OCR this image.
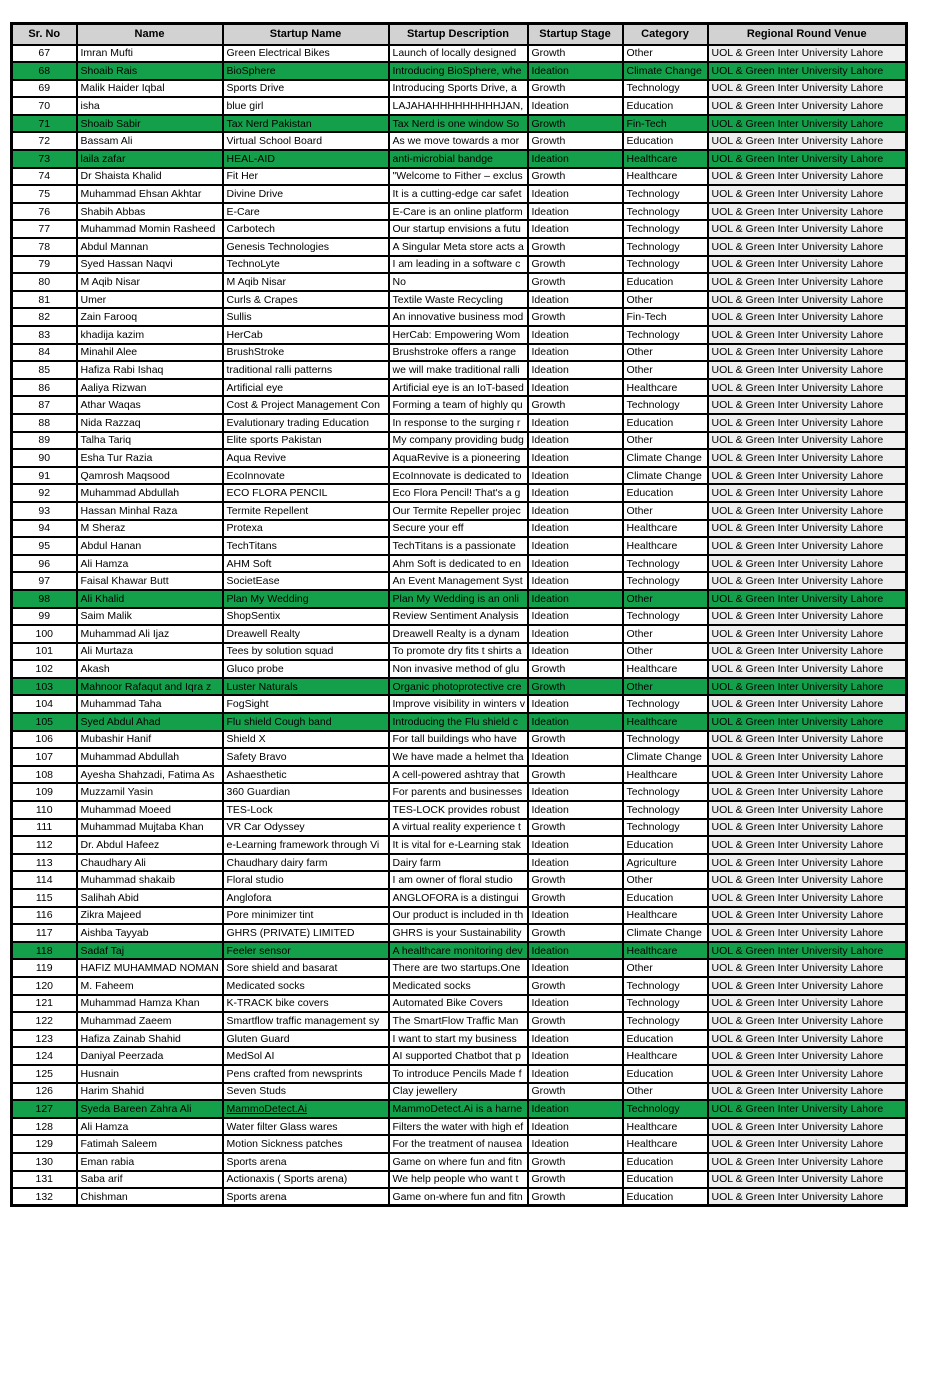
Sr. No	Name	Startup Name	Startup Description	Startup Stage	Category	Regional Round Venue
67	Imran Mufti	Green Electrical Bikes	Launch of locally designed	Growth	Other	UOL & Green Inter University Lahore
68	Shoaib Rais	BioSphere	Introducing BioSphere, whe	Ideation	Climate Change	UOL & Green Inter University Lahore
69	Malik Haider Iqbal	Sports Drive	Introducing Sports Drive, a	Growth	Technology	UOL & Green Inter University Lahore
70	isha	blue girl	LAJAHAHHHHHHHHHJAN,	Ideation	Education	UOL & Green Inter University Lahore
71	Shoaib Sabir	Tax Nerd Pakistan	Tax Nerd is one window So	Growth	Fin-Tech	UOL & Green Inter University Lahore
72	Bassam Ali	Virtual School Board	As we move towards a mor	Growth	Education	UOL & Green Inter University Lahore
73	laila zafar	HEAL-AID	anti-microbial bandge	Ideation	Healthcare	UOL & Green Inter University Lahore
74	Dr Shaista Khalid	Fit Her	"Welcome to Fither – exclus	Growth	Healthcare	UOL & Green Inter University Lahore
75	Muhammad Ehsan Akhtar	Divine Drive	It is a cutting-edge car safet	Ideation	Technology	UOL & Green Inter University Lahore
76	Shabih Abbas	E-Care	E-Care is an online platform	Ideation	Technology	UOL & Green Inter University Lahore
77	Muhammad Momin Rasheed	Carbotech	Our startup envisions a futu	Ideation	Technology	UOL & Green Inter University Lahore
78	Abdul Mannan	Genesis Technologies	A Singular Meta store acts a	Growth	Technology	UOL & Green Inter University Lahore
79	Syed Hassan Naqvi	TechnoLyte	I am leading in a software c	Growth	Technology	UOL & Green Inter University Lahore
80	M Aqib Nisar	M Aqib Nisar	No	Growth	Education	UOL & Green Inter University Lahore
81	Umer	Curls & Crapes	Textile Waste Recycling	Ideation	Other	UOL & Green Inter University Lahore
82	Zain Farooq	Sullis	An innovative business mod	Growth	Fin-Tech	UOL & Green Inter University Lahore
83	khadija kazim	HerCab	HerCab: Empowering Wom	Ideation	Technology	UOL & Green Inter University Lahore
84	Minahil Alee	BrushStroke	Brushstroke offers a range	Ideation	Other	UOL & Green Inter University Lahore
85	Hafiza Rabi Ishaq	traditional ralli patterns	we will make traditional ralli	Ideation	Other	UOL & Green Inter University Lahore
86	Aaliya Rizwan	Artificial eye	Artificial eye is an IoT-based	Ideation	Healthcare	UOL & Green Inter University Lahore
87	Athar Waqas	Cost & Project Management Con	Forming a team of highly qu	Growth	Technology	UOL & Green Inter University Lahore
88	Nida Razzaq	Evalutionary trading Education	In response to the surging r	Ideation	Education	UOL & Green Inter University Lahore
89	Talha Tariq	Elite sports Pakistan	My company providing budg	Ideation	Other	UOL & Green Inter University Lahore
90	Esha Tur Razia	Aqua Revive	AquaRevive is a pioneering	Ideation	Climate Change	UOL & Green Inter University Lahore
91	Qamrosh Maqsood	EcoInnovate	EcoInnovate is dedicated to	Ideation	Climate Change	UOL & Green Inter University Lahore
92	Muhammad Abdullah	ECO FLORA PENCIL	Eco Flora Pencil! That's a g	Ideation	Education	UOL & Green Inter University Lahore
93	Hassan Minhal Raza	Termite Repellent	Our Termite Repeller projec	Ideation	Other	UOL & Green Inter University Lahore
94	M Sheraz	Protexa	Secure your eff	Ideation	Healthcare	UOL & Green Inter University Lahore
95	Abdul Hanan	TechTitans	TechTitans is a passionate	Ideation	Healthcare	UOL & Green Inter University Lahore
96	Ali Hamza	AHM Soft	Ahm Soft is dedicated to en	Ideation	Technology	UOL & Green Inter University Lahore
97	Faisal Khawar Butt	SocietEase	An Event Management Syst	Ideation	Technology	UOL & Green Inter University Lahore
98	Ali Khalid	Plan My Wedding	Plan My Wedding is an onli	Ideation	Other	UOL & Green Inter University Lahore
99	Saim Malik	ShopSentix	Review Sentiment Analysis	Ideation	Technology	UOL & Green Inter University Lahore
100	Muhammad Ali Ijaz	Dreawell Realty	Dreawell Realty is a dynam	Ideation	Other	UOL & Green Inter University Lahore
101	Ali Murtaza	Tees by solution squad	To promote dry fits t shirts a	Ideation	Other	UOL & Green Inter University Lahore
102	Akash	Gluco probe	Non invasive method of glu	Growth	Healthcare	UOL & Green Inter University Lahore
103	Mahnoor Rafaqut and Iqra z	Luster Naturals	Organic photoprotective cre	Growth	Other	UOL & Green Inter University Lahore
104	Muhammad Taha	FogSight	Improve visibility in winters v	Ideation	Technology	UOL & Green Inter University Lahore
105	Syed Abdul Ahad	Flu shield Cough band	Introducing the Flu shield c	Ideation	Healthcare	UOL & Green Inter University Lahore
106	Mubashir Hanif	Shield X	For tall buildings who have	Growth	Technology	UOL & Green Inter University Lahore
107	Muhammad Abdullah	Safety Bravo	We have made a helmet tha	Ideation	Climate Change	UOL & Green Inter University Lahore
108	Ayesha Shahzadi, Fatima As	Ashaesthetic	A cell-powered ashtray that	Growth	Healthcare	UOL & Green Inter University Lahore
109	Muzzamil Yasin	360 Guardian	For parents and businesses	Ideation	Technology	UOL & Green Inter University Lahore
110	Muhammad Moeed	TES-Lock	TES-LOCK provides robust	Ideation	Technology	UOL & Green Inter University Lahore
111	Muhammad Mujtaba Khan	VR Car Odyssey	A virtual reality experience t	Growth	Technology	UOL & Green Inter University Lahore
112	Dr. Abdul Hafeez	e-Learning framework through Vi	It is vital for e-Learning stak	Ideation	Education	UOL & Green Inter University Lahore
113	Chaudhary Ali	Chaudhary dairy farm	Dairy farm	Ideation	Agriculture	UOL & Green Inter University Lahore
114	Muhammad shakaib	Floral studio	I am owner of floral studio	Growth	Other	UOL & Green Inter University Lahore
115	Salihah Abid	Anglofora	ANGLOFORA is a distingui	Growth	Education	UOL & Green Inter University Lahore
116	Zikra Majeed	Pore minimizer tint	Our product is included in th	Ideation	Healthcare	UOL & Green Inter University Lahore
117	Aishba Tayyab	GHRS (PRIVATE) LIMITED	GHRS is your Sustainability	Growth	Climate Change	UOL & Green Inter University Lahore
118	Sadaf Taj	Feeler sensor	A healthcare monitoring dev	Ideation	Healthcare	UOL & Green Inter University Lahore
119	HAFIZ MUHAMMAD NOMAN	Sore shield and basarat	There are two startups.One	Ideation	Other	UOL & Green Inter University Lahore
120	M. Faheem	Medicated socks	Medicated socks	Growth	Technology	UOL & Green Inter University Lahore
121	Muhammad Hamza Khan	K-TRACK bike covers	Automated Bike Covers	Ideation	Technology	UOL & Green Inter University Lahore
122	Muhammad Zaeem	Smartflow traffic management sy	The SmartFlow Traffic Man	Growth	Technology	UOL & Green Inter University Lahore
123	Hafiza Zainab Shahid	Gluten Guard	I want to start my business	Ideation	Education	UOL & Green Inter University Lahore
124	Daniyal Peerzada	MedSol AI	AI supported Chatbot that p	Ideation	Healthcare	UOL & Green Inter University Lahore
125	Husnain	Pens crafted from newsprints	To introduce Pencils Made f	Ideation	Education	UOL & Green Inter University Lahore
126	Harim Shahid	Seven Studs	Clay jewellery	Growth	Other	UOL & Green Inter University Lahore
127	Syeda Bareen Zahra Ali	MammoDetect.Ai	MammoDetect.Ai is a harne	Ideation	Technology	UOL & Green Inter University Lahore
128	Ali Hamza	Water filter Glass wares	Filters the water with high ef	Ideation	Healthcare	UOL & Green Inter University Lahore
129	Fatimah Saleem	Motion Sickness patches	For the treatment of nausea	Ideation	Healthcare	UOL & Green Inter University Lahore
130	Eman rabia	Sports arena	Game on where fun and fitn	Growth	Education	UOL & Green Inter University Lahore
131	Saba arif	Actionaxis ( Sports arena)	We help people who want t	Growth	Education	UOL & Green Inter University Lahore
132	Chishman	Sports arena	Game on-where fun and fitn	Growth	Education	UOL & Green Inter University Lahore
